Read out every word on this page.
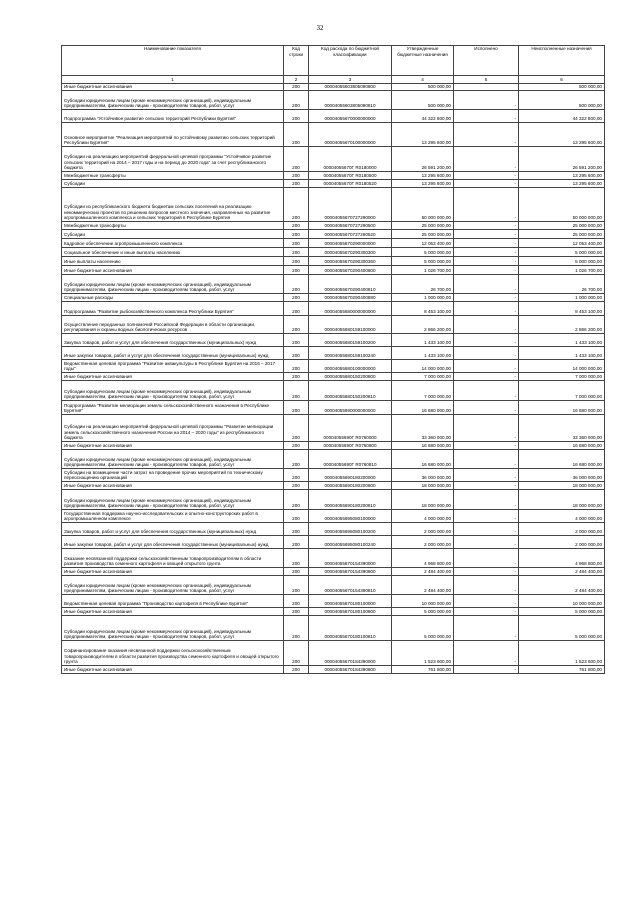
32
Наименование показателя	Код строки	Код расхода по бюджетной классификации	Утвержденные бюджетные назначения	Исполнено	Неисполненные назначения
1	2	3	4	5	6
Иные бюджетные ассигнования	200	00004055603805090800	500 000,00		500 000,00
Субсидии юридическим лицам (кроме некоммерческих организаций), индивидуальным предпринимателям, физическим лицам - производителям товаров, работ, услуг	200	00004055603805090810	500 000,00	-	500 000,00
Подпрограмма "Устойчивое развитие сельских территорий Республики Бурятия"	200	00004055670000000000	44 322 800,00	-	44 322 800,00
Основное мероприятие "Реализация мероприятий по устойчивому развитию сельских территорий Республики Бурятия"	200	00004055670100000000	13 295 600,00	-	13 295 600,00
Субсидии на реализацию мероприятий федеральной целевой программы "Устойчивое развитие сельских территорий на 2014 – 2017 годы и на период до 2020 года" за счет республиканского бюджета	200	00004055670Г R0180000	26 591 200,00	-	26 591 200,00
Межбюджетные трансферты	200	00004055670Г R0180500	13 295 600,00	-	13 295 600,00
Субсидии	200	00004055670Г R0180520	13 295 600,00	-	13 295 600,00
Субсидии из республиканского бюджета бюджетам сельских поселений на реализацию некоммерческих проектов по решению вопросов местного значения, направленных на развитие агропромышленного комплекса и сельских территорий в Республике Бурятия	200	00004055670727290000	50 000 000,00	-	50 000 000,00
Межбюджетные трансферты	200	00004055670727290500	25 000 000,00	-	25 000 000,00
Субсидии	200	00004055670727290520	25 000 000,00	-	25 000 000,00
Кадровое обеспечение агропромышленного комплекса	200	00004055670290000000	12 053 400,00	-	12 053 400,00
Социальное обеспечение и иные выплаты населению	200	00004055670290300300	5 000 000,00	-	5 000 000,00
Иные выплаты населению	200	00004055670290300360	5 000 000,00	-	5 000 000,00
Иные бюджетные ассигнования	200	00004055670290400800	1 026 700,00	-	1 026 700,00
Субсидии юридическим лицам (кроме некоммерческих организаций), индивидуальным предпринимателям, физическим лицам - производителям товаров, работ, услуг	200	00004055670290400810	26 700,00	-	26 700,00
Специальные расходы	200	00004055670290400880	1 000 000,00	-	1 000 000,00
Подпрограмма "Развитие рыбохозяйственного комплекса Республики Бурятия"	200	00004055680000000000	8 453 100,00	-	8 453 100,00
Осуществление переданных полномочий Российской Федерации в области организации, регулирования и охраны водных биологических ресурсов	200	00004055680159100000	2 866 200,00	-	2 866 200,00
Закупка товаров, работ и услуг для обеспечения государственных (муниципальных) нужд	200	00004055680159100200	1 433 100,00	-	1 433 100,00
Иные закупки товаров, работ и услуг для обеспечения государственных (муниципальных) нужд	200	00004055680159100240	1 433 100,00	-	1 433 100,00
Ведомственная целевая программа "Развитие аквакультуры в Республике Бурятия на 2016 – 2017 годы"	200	00004055680100000000	14 000 000,00	-	14 000 000,00
Иные бюджетные ассигнования	200	00004055680150200800	7 000 000,00	-	7 000 000,00
Субсидии юридическим лицам (кроме некоммерческих организаций), индивидуальным предпринимателям, физическим лицам - производителям товаров, работ, услуг	200	00004055680150200810	7 000 000,00	-	7 000 000,00
Подпрограмма "Развитие мелиорации земель сельскохозяйственного назначения в Республике Бурятия"	200	00004055690000000000	16 680 000,00	-	16 680 000,00
Субсидии на реализацию мероприятий федеральной целевой программы "Развитие мелиорации земель сельскохозяйственного назначения России на 2014 – 2020 годы" из республиканского бюджета	200	00004055690Г R0760000	33 360 000,00	-	33 360 000,00
Иные бюджетные ассигнования	200	00004055690Г R0760800	16 680 000,00	-	16 680 000,00
Субсидии юридическим лицам (кроме некоммерческих организаций), индивидуальным предпринимателям, физическим лицам - производителям товаров, работ, услуг	200	00004055690Г R0760810	16 680 000,00	-	16 680 000,00
Субсидии на возмещение части затрат на проведение прочих мероприятий по техническому переоснащению организаций	200	00004055690180200000	36 000 000,00	-	36 000 000,00
Иные бюджетные ассигнования	200	00004055690180200800	18 000 000,00	-	18 000 000,00
Субсидии юридическим лицам (кроме некоммерческих организаций), индивидуальным предпринимателям, физическим лицам - производителям товаров, работ, услуг	200	00004055690180200810	18 000 000,00	-	18 000 000,00
Государственная поддержка научно-исследовательских и опытно-конструкторских работ в агропромышленном комплексе	200	00004055695080100000	4 000 000,00	-	4 000 000,00
Закупка товаров, работ и услуг для обеспечения государственных (муниципальных) нужд	200	00004055695080100200	2 000 000,00	-	2 000 000,00
Иные закупки товаров, работ и услуг для обеспечения государственных (муниципальных) нужд	200	00004055695080100240	2 000 000,00	-	2 000 000,00
Оказание несвязанной поддержки сельскохозяйственным товаропроизводителям в области развития производства семенного картофеля и овощей открытого грунта	200	00004055670154390000	4 968 800,00	-	4 968 800,00
Иные бюджетные ассигнования	200	00004055670154390800	2 484 400,00	-	2 484 400,00
Субсидии юридическим лицам (кроме некоммерческих организаций), индивидуальным предпринимателям, физическим лицам - производителям товаров, работ, услуг	200	00004055670154390810	2 484 400,00	-	2 484 400,00
Ведомственная целевая программа "Производство картофеля в Республике Бурятия"	200	00004055670180100000	10 000 000,00	-	10 000 000,00
Иные бюджетные ассигнования	200	00004055670180100800	5 000 000,00	-	5 000 000,00
Субсидии юридическим лицам (кроме некоммерческих организаций), индивидуальным предпринимателям, физическим лицам - производителям товаров, работ, услуг	200	00004055670180100810	5 000 000,00	-	5 000 000,00
Софинансирование оказания несвязанной поддержки сельскохозяйственным товаропроизводителям в области развития производства семенного картофеля и овощей открытого грунта	200	00004055670184390000	1 523 600,00	-	1 523 600,00
Иные бюджетные ассигнования	200	00004055670184390800	761 800,00	-	761 800,00
